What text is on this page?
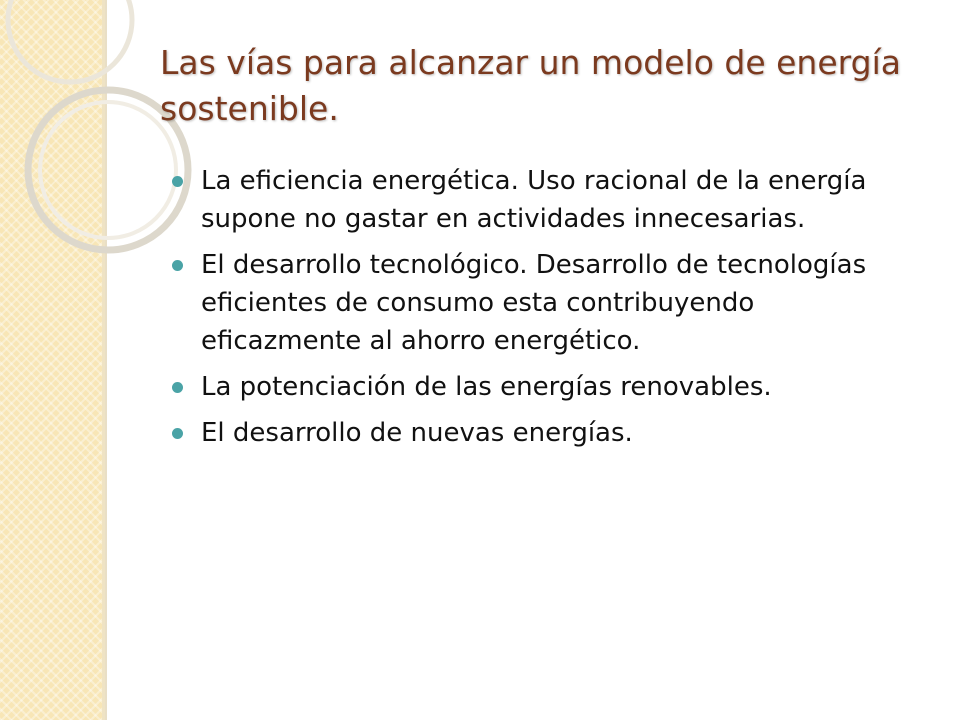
Las vías para alcanzar un modelo de energía sostenible.
La eficiencia energética. Uso racional de la energía supone no gastar en actividades innecesarias.
El desarrollo tecnológico. Desarrollo de tecnologías eficientes de consumo esta contribuyendo eficazmente al ahorro energético.
La potenciación de las energías renovables.
El desarrollo de nuevas energías.
